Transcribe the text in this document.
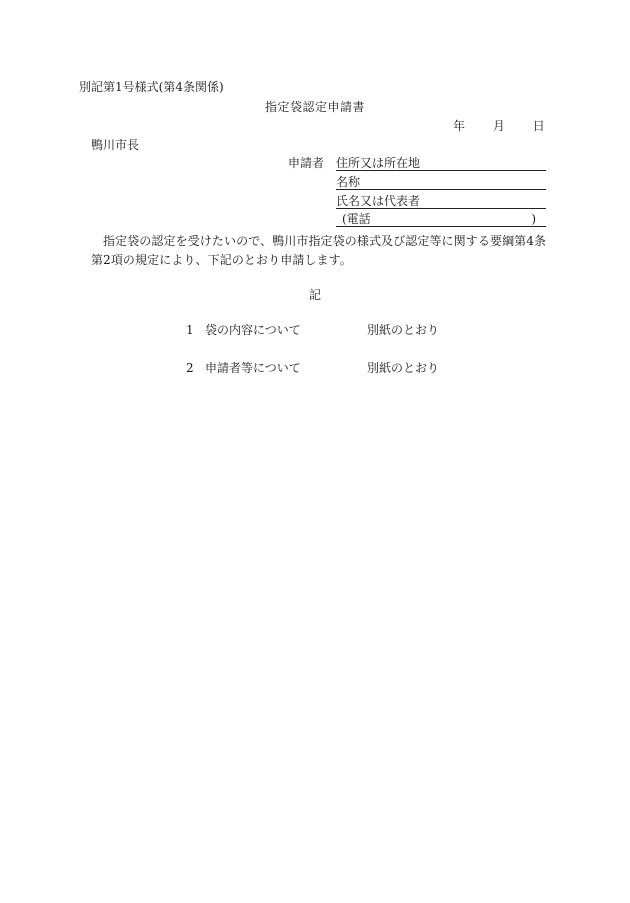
別記第1号様式(第4条関係)
指定袋認定申請書
年 月 日
鴨川市長
申請者 住所又は所在地
名称
氏名又は代表者
(電話	)
指定袋の認定を受けたいので、鴨川市指定袋の様式及び認定等に関する要綱第4条第2項の規定により、下記のとおり申請します。
記
1 袋の内容について	別紙のとおり
2 申請者等について	別紙のとおり
